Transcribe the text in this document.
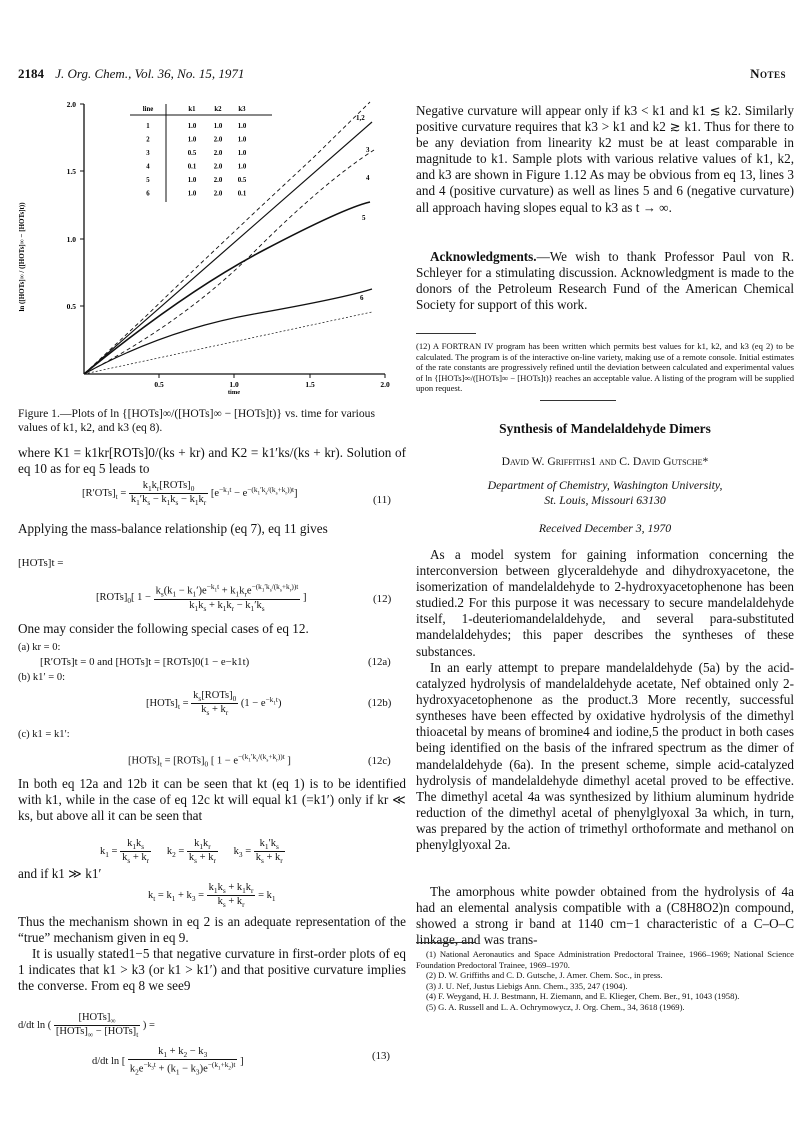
2184 J. Org. Chem., Vol. 36, No. 15, 1971	Notes
2.0
1.5
1.0
0.5
0.5	1.0	1.5	2.0
time
ln ([HOTs]∞ / ([HOTs]∞ − [HOTs]t))
1,2
3
4
5
6
line	k1	k2 k3
1	1.0	1.0 1.0
2	1.0	2.0 1.0
3	0.5	2.0 1.0
4	0.1	2.0 1.0
5	1.0	2.0 0.5
6	1.0	2.0 0.1

Figure 1.—Plots of ln {[HOTs]∞/([HOTs]∞ − [HOTs]t)} vs. time for various values of k1, k2, and k3 (eq 8).

where K1 = k1kr[ROTs]0/(ks + kr) and K2 = k1′ks/(ks + kr). Solution of eq 10 as for eq 5 leads to

$[R'OTs]_t = \frac{k_1k_r[ROTs]_0}{k_1'k_s - k_1k_s - k_1k_r} [e^{-k_1t} - e^{-(k_1'k_s/(k_s+k_r))t}]$
(11)

Applying the mass-balance relationship (eq 7), eq 11 gives

[HOTs]t =
$[ROTs]_0$[ $1 - \frac{k_s(k_1 - k_1')e^{-k_1t} + k_1k_re^{-(k_1'k_s/(k_s+k_r))t}}{k_1k_s + k_1k_r - k_1'k_s}$ ]	(12)

One may consider the following special cases of eq 12.

(a) kr = 0:
[R′OTs]t = 0 and [HOTs]t = [ROTs]0(1 − e−k1t)	(12a)
(b) k1′ = 0:
$[HOTs]_t = \frac{k_s[ROTs]_0}{k_s + k_r} (1 - e^{-k_1t})$	(12b)
(c) k1 = k1′:
$[HOTs]_t$ = $[ROTs]_0$ [ $1 - e^{-(k_1'k_s/(k_s+k_r))t}$ ]	(12c)

In both eq 12a and 12b it can be seen that kt (eq 1) is to be identified with k1, while in the case of eq 12c kt will equal k1 (=k1′) only if kr ≪ ks, but above all it can be seen that

$k_1 = \frac{k_1k_s}{k_s + k_r} k_2 = \frac{k_1k_r}{k_s + k_r} k_3 = \frac{k_1'k_s}{k_s + k_r}$

and if k1 ≫ k1′

$k_t = k_1 + k_3 = \frac{k_1k_s + k_1k_r}{k_s + k_r} = k_1$

Thus the mechanism shown in eq 2 is an adequate representation of the “true” mechanism given in eq 9.

It is usually stated1−5 that negative curvature in first-order plots of eq 1 indicates that k1 > k3 (or k1 > k1′) and that positive curvature implies the converse. From eq 8 we see9

d/dt ln ( $\frac{[HOTs]_\infty}{[HOTs]_\infty - [HOTs]_t}$ ) =
d/dt ln [ $\frac{k_1 + k_2 - k_3}{k_2e^{-k_3t} + (k_1 - k_3)e^{-(k_1+k_2)t}}$ ]	(13)

Negative curvature will appear only if k3 < k1 and k1 ≲ k2. Similarly positive curvature requires that k3 > k1 and k2 ≳ k1. Thus for there to be any deviation from linearity k2 must be at least comparable in magnitude to k1. Sample plots with various relative values of k1, k2, and k3 are shown in Figure 1.12 As may be obvious from eq 13, lines 3 and 4 (positive curvature) as well as lines 5 and 6 (negative curvature) all approach having slopes equal to k3 as t → ∞.

Acknowledgments.—We wish to thank Professor Paul von R. Schleyer for a stimulating discussion. Acknowledgment is made to the donors of the Petroleum Research Fund of the American Chemical Society for support of this work.

(12) A FORTRAN IV program has been written which permits best values for k1, k2, and k3 (eq 2) to be calculated. The program is of the interactive on-line variety, making use of a remote console. Initial estimates of the rate constants are progressively refined until the deviation between calculated and experimental values of ln {[HOTs]∞/([HOTs]∞ − [HOTs]t)} reaches an acceptable value. A listing of the program will be supplied upon request.

Synthesis of Mandelaldehyde Dimers
David W. Griffiths1 and C. David Gutsche*
Department of Chemistry, Washington University,
St. Louis, Missouri 63130
Received December 3, 1970

As a model system for gaining information concerning the interconversion between glyceraldehyde and dihydroxyacetone, the isomerization of mandelaldehyde to 2-hydroxyacetophenone has been studied.2 For this purpose it was necessary to secure mandelaldehyde itself, 1-deuteriomandelaldehyde, and several para-substituted mandelaldehydes; this paper describes the syntheses of these substances.

In an early attempt to prepare mandelaldehyde (5a) by the acid-catalyzed hydrolysis of mandelaldehyde acetate, Nef obtained only 2-hydroxyacetophenone as the product.3 More recently, successful syntheses have been effected by oxidative hydrolysis of the dimethyl thioacetal by means of bromine4 and iodine,5 the product in both cases being identified on the basis of the infrared spectrum as the dimer of mandelaldehyde (6a). In the present scheme, simple acid-catalyzed hydrolysis of mandelaldehyde dimethyl acetal proved to be effective. The dimethyl acetal 4a was synthesized by lithium aluminum hydride reduction of the dimethyl acetal of phenylglyoxal 3a which, in turn, was prepared by the action of trimethyl orthoformate and methanol on phenylglyoxal 2a.

The amorphous white powder obtained from the hydrolysis of 4a had an elemental analysis compatible with a (C8H8O2)n compound, showed a strong ir band at 1140 cm−1 characteristic of a C–O–C linkage, and was trans-

(1) National Aeronautics and Space Administration Predoctoral Trainee, 1966–1969; National Science Foundation Predoctoral Trainee, 1969–1970.

(2) D. W. Griffiths and C. D. Gutsche, J. Amer. Chem. Soc., in press.

(3) J. U. Nef, Justus Liebigs Ann. Chem., 335, 247 (1904).

(4) F. Weygand, H. J. Bestmann, H. Ziemann, and E. Klieger, Chem. Ber., 91, 1043 (1958).

(5) G. A. Russell and L. A. Ochrymowycz, J. Org. Chem., 34, 3618 (1969).
